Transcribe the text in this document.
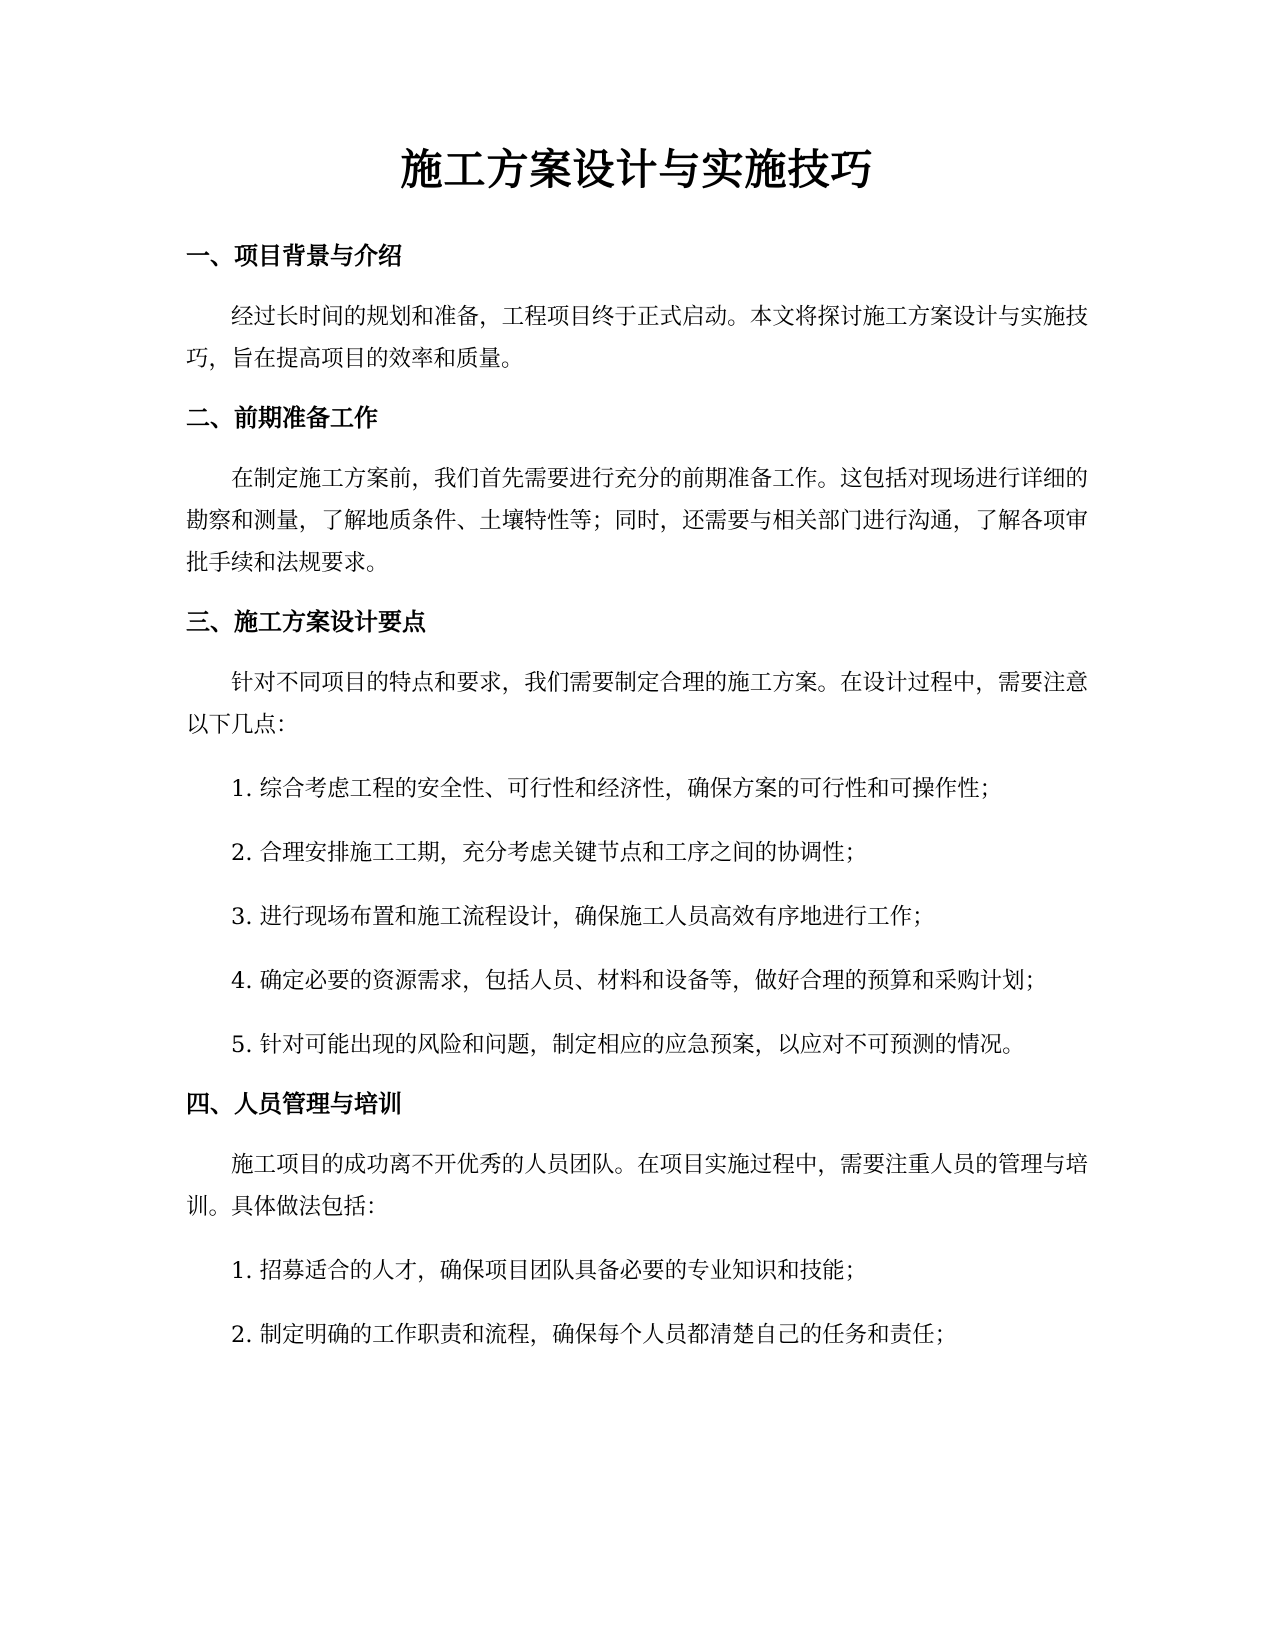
施工方案设计与实施技巧
一、项目背景与介绍

经过长时间的规划和准备，工程项目终于正式启动。本文将探讨施工方案设计与实施技巧，旨在提高项目的效率和质量。

二、前期准备工作

在制定施工方案前，我们首先需要进行充分的前期准备工作。这包括对现场进行详细的勘察和测量，了解地质条件、土壤特性等；同时，还需要与相关部门进行沟通，了解各项审批手续和法规要求。

三、施工方案设计要点

针对不同项目的特点和要求，我们需要制定合理的施工方案。在设计过程中，需要注意以下几点：

1. 综合考虑工程的安全性、可行性和经济性，确保方案的可行性和可操作性；

2. 合理安排施工工期，充分考虑关键节点和工序之间的协调性；

3. 进行现场布置和施工流程设计，确保施工人员高效有序地进行工作；

4. 确定必要的资源需求，包括人员、材料和设备等，做好合理的预算和采购计划；

5. 针对可能出现的风险和问题，制定相应的应急预案，以应对不可预测的情况。

四、人员管理与培训

施工项目的成功离不开优秀的人员团队。在项目实施过程中，需要注重人员的管理与培训。具体做法包括：

1. 招募适合的人才，确保项目团队具备必要的专业知识和技能；

2. 制定明确的工作职责和流程，确保每个人员都清楚自己的任务和责任；
